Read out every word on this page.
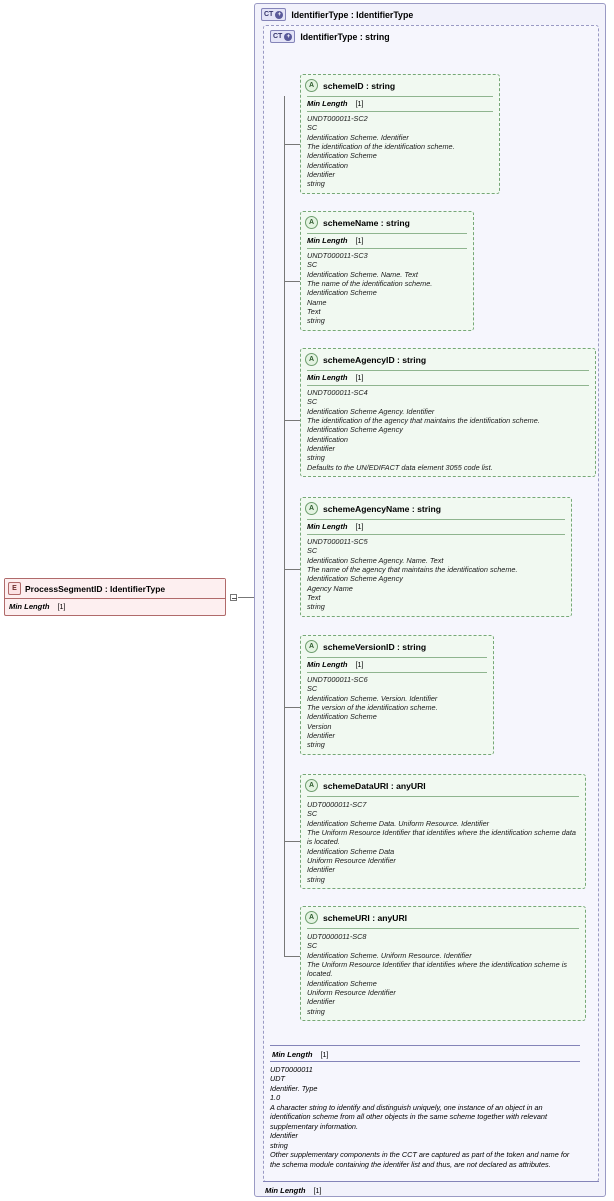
E ProcessSegmentID : IdentifierType
Min Length [1]
CT + IdentifierType : IdentifierType
CT + IdentifierType : string
A	schemeID : string
Min Length [1]
UNDT000011-SC2
SC
Identification Scheme. Identifier
The identification of the identification scheme.
Identification Scheme
Identification
Identifier
string
A	schemeName : string
Min Length [1]
UNDT000011-SC3
SC
Identification Scheme. Name. Text
The name of the identification scheme.
Identification Scheme
Name
Text
string
A	schemeAgencyID : string
Min Length [1]
UNDT000011-SC4
SC
Identification Scheme Agency. Identifier
The identification of the agency that maintains the identification scheme.
Identification Scheme Agency
Identification
Identifier
string
Defaults to the UN/EDIFACT data element 3055 code list.
A	schemeAgencyName : string
Min Length [1]
UNDT000011-SC5
SC
Identification Scheme Agency. Name. Text
The name of the agency that maintains the identification scheme.
Identification Scheme Agency
Agency Name
Text
string
A	schemeVersionID : string
Min Length [1]
UNDT000011-SC6
SC
Identification Scheme. Version. Identifier
The version of the identification scheme.
Identification Scheme
Version
Identifier
string
A	schemeDataURI : anyURI
UDT0000011-SC7
SC
Identification Scheme Data. Uniform Resource. Identifier
The Uniform Resource Identifier that identifies where the identification scheme data is located.
Identification Scheme Data
Uniform Resource Identifier
Identifier
string
A	schemeURI : anyURI
UDT0000011-SC8
SC
Identification Scheme. Uniform Resource. Identifier
The Uniform Resource Identifier that identifies where the identification scheme is located.
Identification Scheme
Uniform Resource Identifier
Identifier
string
Min Length [1]
UDT0000011
UDT
Identifier. Type
1.0
A character string to identify and distinguish uniquely, one instance of an object in an identification scheme from all other objects in the same scheme together with relevant supplementary information.
Identifier
string
Other supplementary components in the CCT are captured as part of the token and name for the schema module containing the identifer list and thus, are not declared as attributes.
Min Length [1]
